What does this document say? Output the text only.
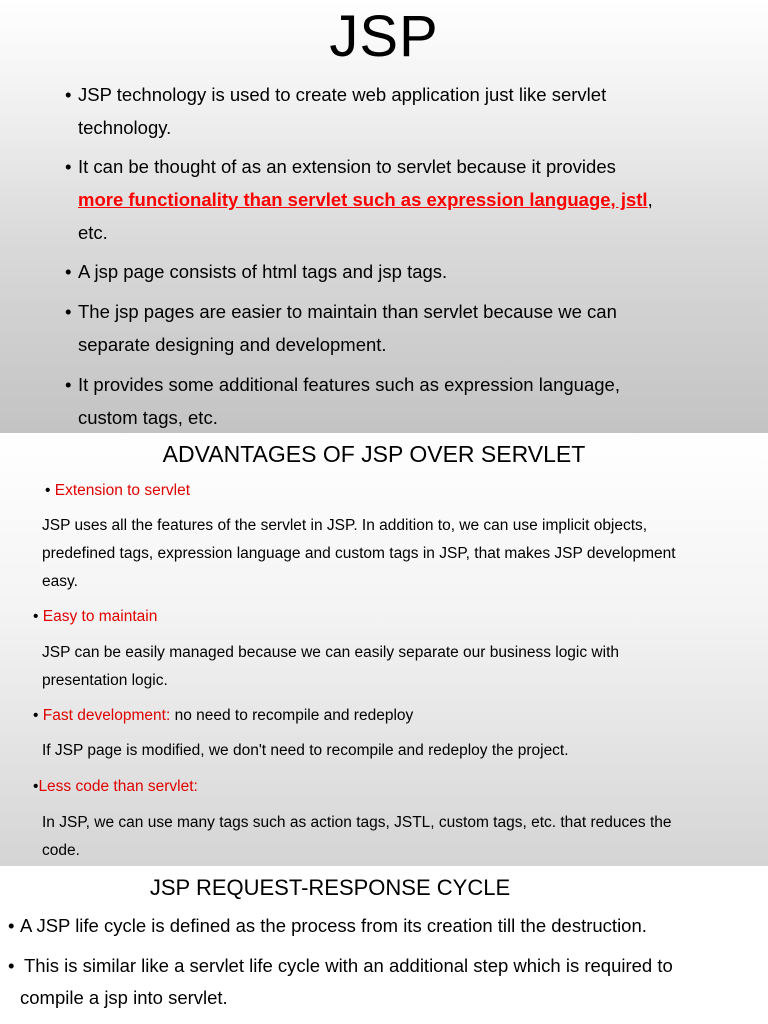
JSP
• JSP technology is used to create web application just like servlet
technology.
• It can be thought of as an extension to servlet because it provides
more functionality than servlet such as expression language, jstl,
etc.
• A jsp page consists of html tags and jsp tags.
• The jsp pages are easier to maintain than servlet because we can
separate designing and development.
• It provides some additional features such as expression language,
custom tags, etc.
ADVANTAGES OF JSP OVER SERVLET
• Extension to servlet
JSP uses all the features of the servlet in JSP. In addition to, we can use implicit objects,
predefined tags, expression language and custom tags in JSP, that makes JSP development
easy.
• Easy to maintain
JSP can be easily managed because we can easily separate our business logic with
presentation logic.
• Fast development: no need to recompile and redeploy
If JSP page is modified, we don't need to recompile and redeploy the project.
•Less code than servlet:
In JSP, we can use many tags such as action tags, JSTL, custom tags, etc. that reduces the
code.
JSP REQUEST-RESPONSE CYCLE
• A JSP life cycle is defined as the process from its creation till the destruction.
• This is similar like a servlet life cycle with an additional step which is required to
compile a jsp into servlet.
